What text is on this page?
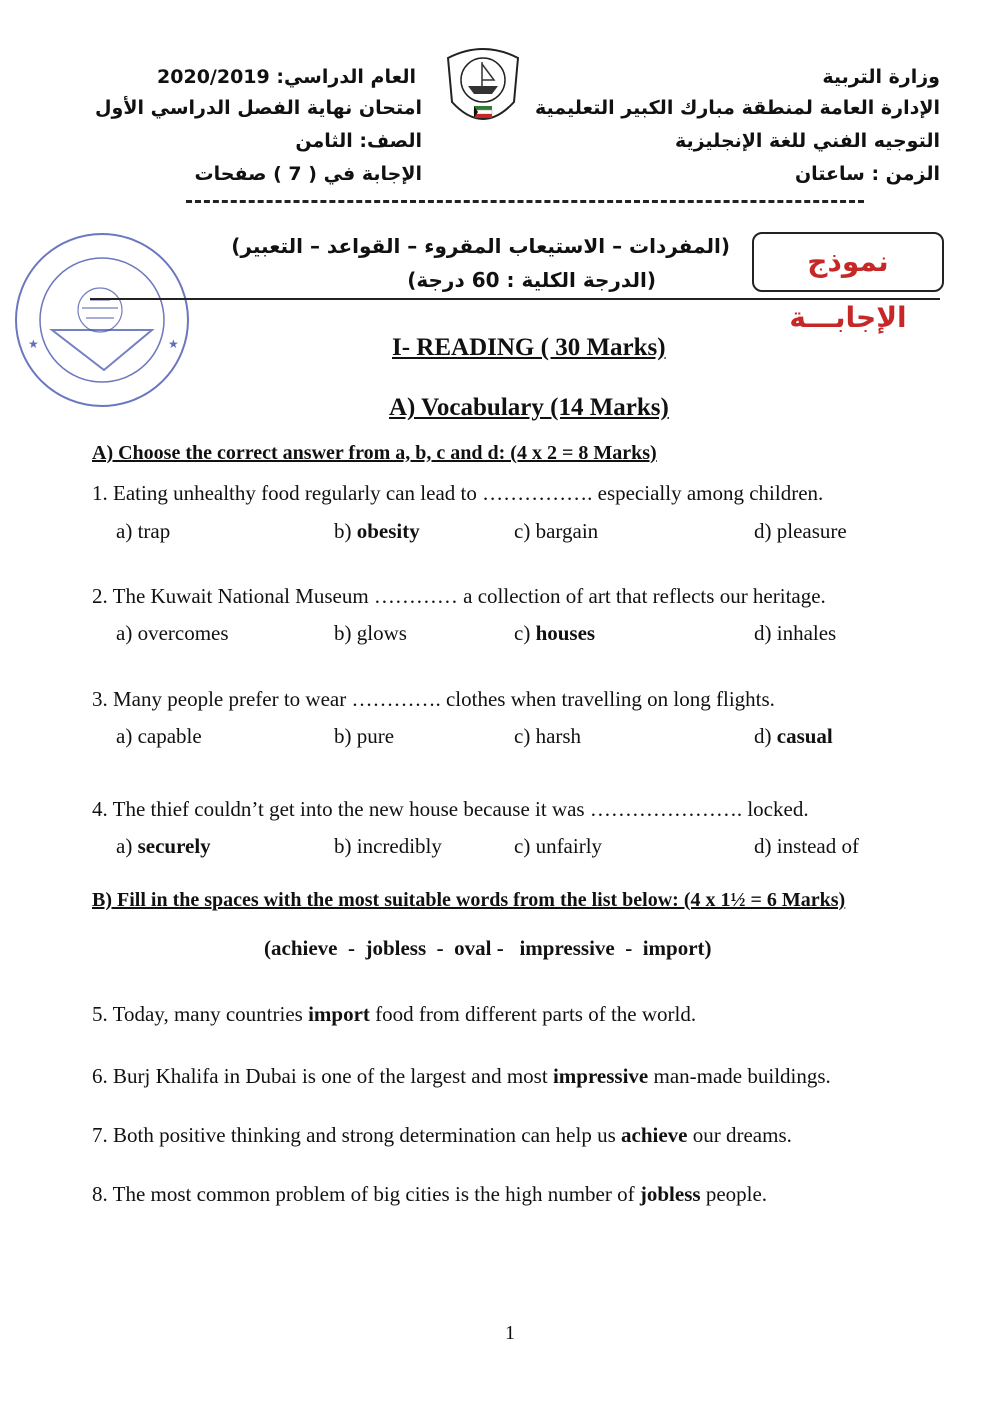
وزارة التربية
الإدارة العامة لمنطقة مبارك الكبير التعليمية
التوجيه الفني للغة الإنجليزية
الزمن : ساعتان
العام الدراسي: 2020/2019
امتحان نهاية الفصل الدراسي الأول
الصف: الثامن
الإجابة في ( 7 ) صفحات
★	★
(المفردات – الاستيعاب المقروء – القواعد – التعبير)
(الدرجة الكلية : 60 درجة)
نموذج الإجابـــة
I- READING ( 30 Marks)
A) Vocabulary (14 Marks)
A) Choose the correct answer from a, b, c and d: (4 x 2 = 8 Marks)
1. Eating unhealthy food regularly can lead to ……………. especially among children.
a) trap	b) obesity	c) bargain	d) pleasure
2. The Kuwait National Museum ………… a collection of art that reflects our heritage.
a) overcomes	b) glows	c) houses	d) inhales
3. Many people prefer to wear …………. clothes when travelling on long flights.
a) capable	b) pure	c) harsh	d) casual
4. The thief couldn’t get into the new house because it was …………………. locked.
a) securely	b) incredibly	c) unfairly	d) instead of
B) Fill in the spaces with the most suitable words from the list below: (4 x 1½ = 6 Marks)
(achieve  -  jobless  -  oval -   impressive  -  import)
5. Today, many countries import food from different parts of the world.
6. Burj Khalifa in Dubai is one of the largest and most impressive man-made buildings.
7. Both positive thinking and strong determination can help us achieve our dreams.
8. The most common problem of big cities is the high number of jobless people.
1
